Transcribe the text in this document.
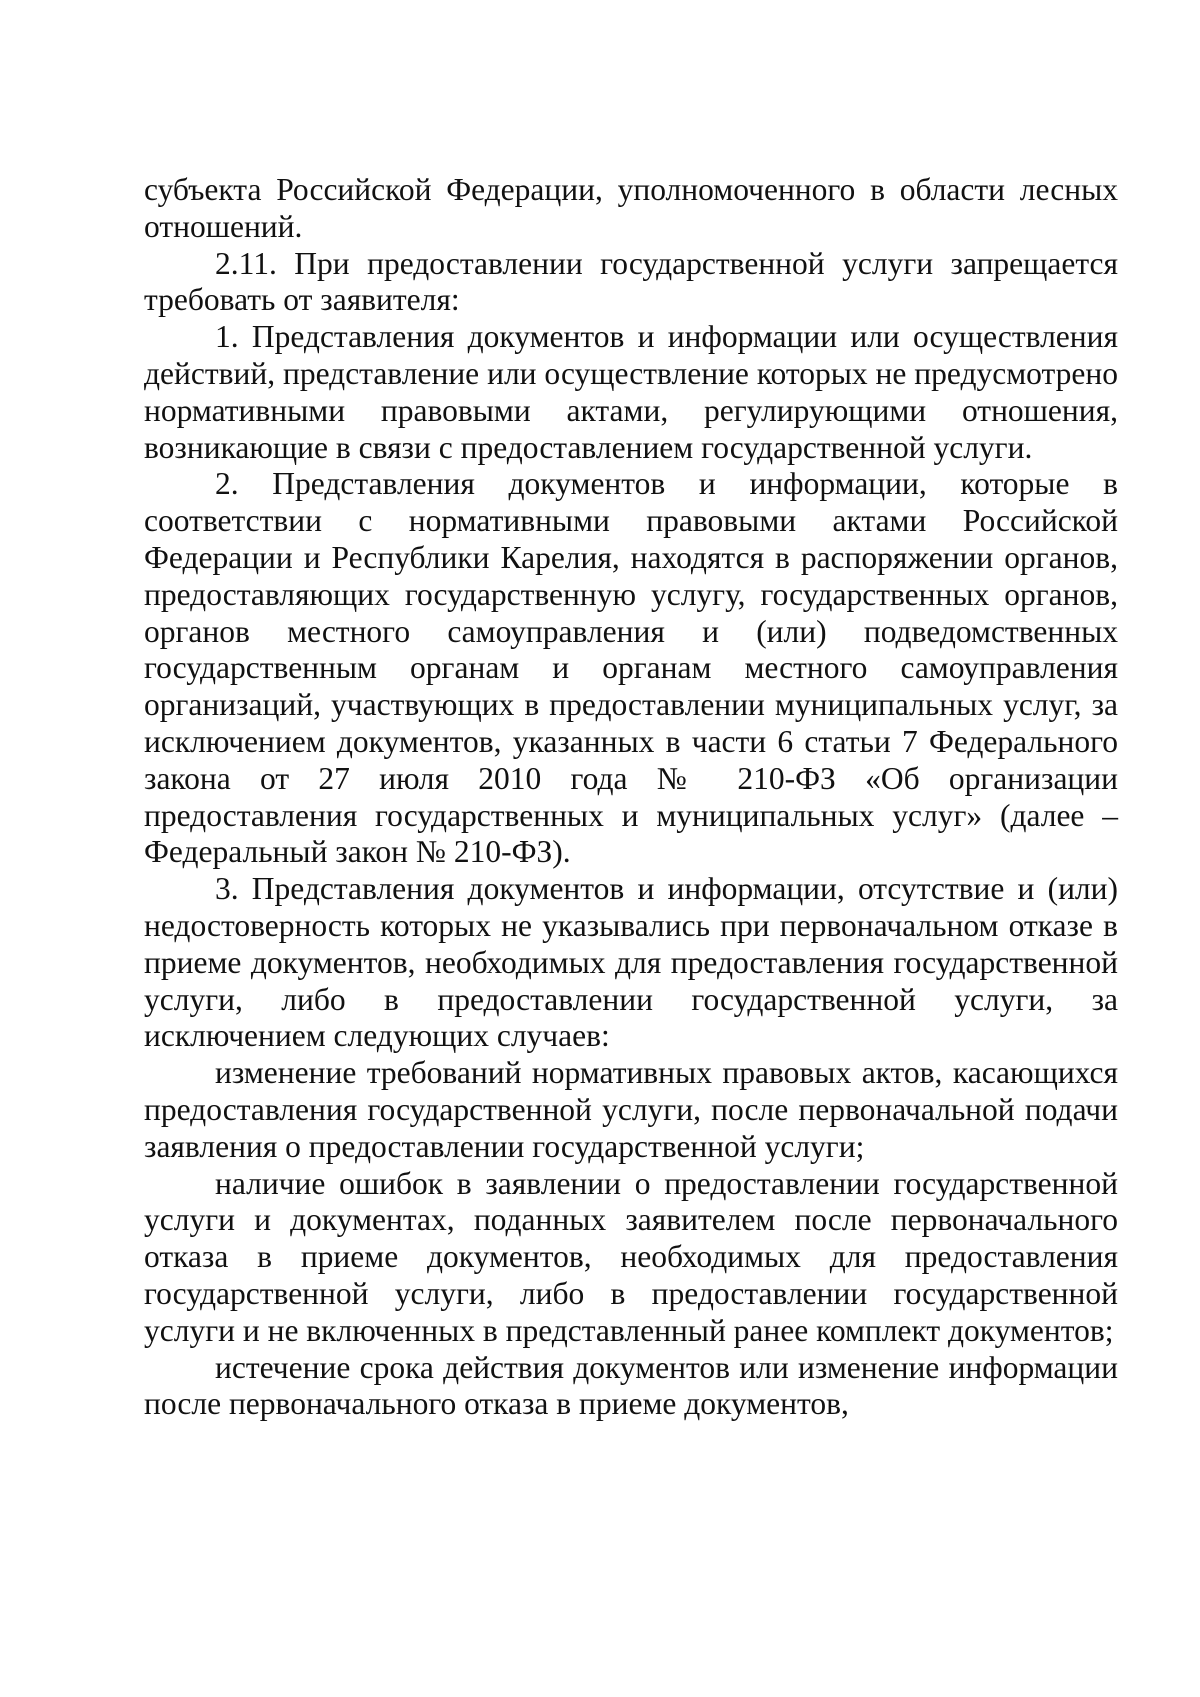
субъекта Российской Федерации, уполномоченного в области лесных отношений.

2.11. При предоставлении государственной услуги запрещается требовать от заявителя:

1. Представления документов и информации или осуществления действий, представление или осуществление которых не предусмотрено нормативными правовыми актами, регулирующими отношения, возникающие в связи с предоставлением государственной услуги.

2. Представления документов и информации, которые в соответствии с нормативными правовыми актами Российской Федерации и Республики Карелия, находятся в распоряжении органов, предоставляющих государственную услугу, государственных органов, органов местного самоуправления и (или) подведомственных государственным органам и органам местного самоуправления организаций, участвующих в предоставлении муниципальных услуг, за исключением документов, указанных в части 6 статьи 7 Федерального закона от 27 июля 2010 года № 210-ФЗ «Об организации предоставления государственных и муниципальных услуг» (далее – Федеральный закон № 210-ФЗ).

3. Представления документов и информации, отсутствие и (или) недостоверность которых не указывались при первоначальном отказе в приеме документов, необходимых для предоставления государственной услуги, либо в предоставлении государственной услуги, за исключением следующих случаев:

изменение требований нормативных правовых актов, касающихся предоставления государственной услуги, после первоначальной подачи заявления о предоставлении государственной услуги;

наличие ошибок в заявлении о предоставлении государственной услуги и документах, поданных заявителем после первоначального отказа в приеме документов, необходимых для предоставления государственной услуги, либо в предоставлении государственной услуги и не включенных в представленный ранее комплект документов;

истечение срока действия документов или изменение информации после первоначального отказа в приеме документов,
